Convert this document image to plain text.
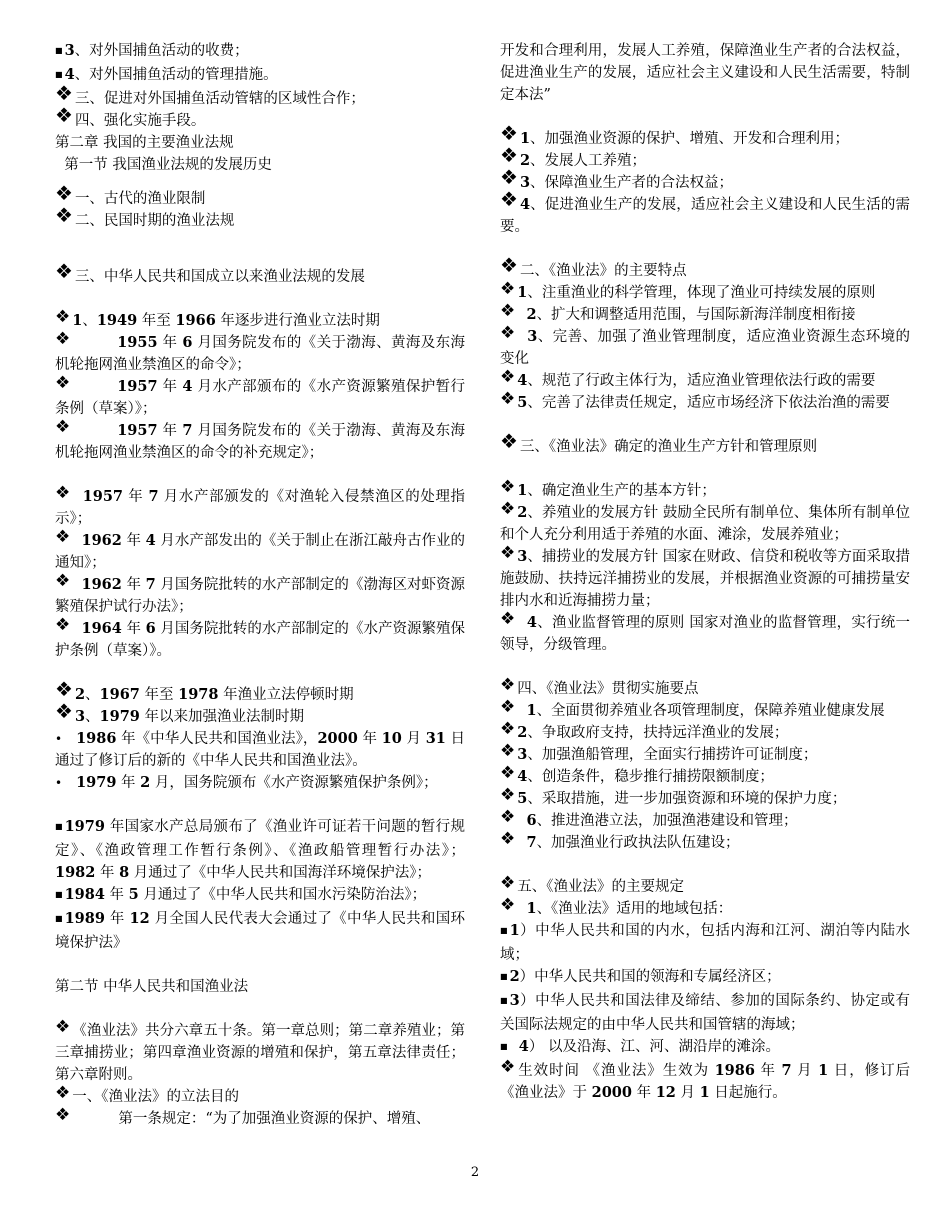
■ 3、对外国捕鱼活动的收费；

■ 4、对外国捕鱼活动的管理措施。

❖ 三、促进对外国捕鱼活动管辖的区域性合作；

❖ 四、强化实施手段。

第二章 我国的主要渔业法规

第一节 我国渔业法规的发展历史

❖ 一、古代的渔业限制

❖ 二、民国时期的渔业法规

❖ 三、中华人民共和国成立以来渔业法规的发展

❖ 1、1949 年至 1966 年逐步进行渔业立法时期

❖	1955 年 6 月国务院发布的《关于渤海、黄海及东海机轮拖网渔业禁渔区的命令》；

❖	1957 年 4 月水产部颁布的《水产资源繁殖保护暂行条例（草案）》；

❖	1957 年 7 月国务院发布的《关于渤海、黄海及东海机轮拖网渔业禁渔区的命令的补充规定》；

❖ 1957 年 7 月水产部颁发的《对渔轮入侵禁渔区的处理指示》；

❖ 1962 年 4 月水产部发出的《关于制止在浙江敲舟古作业的通知》；

❖ 1962 年 7 月国务院批转的水产部制定的《渤海区对虾资源繁殖保护试行办法》；

❖ 1964 年 6 月国务院批转的水产部制定的《水产资源繁殖保护条例（草案）》。

❖ 2、1967 年至 1978 年渔业立法停顿时期

❖ 3、1979 年以来加强渔业法制时期

• 1986 年《中华人民共和国渔业法》，2000 年 10 月 31 日通过了修订后的新的《中华人民共和国渔业法》。

• 1979 年 2 月，国务院颁布《水产资源繁殖保护条例》；

■ 1979 年国家水产总局颁布了《渔业许可证若干问题的暂行规定》、《渔政管理工作暂行条例》、《渔政船管理暂行办法》；1982 年 8 月通过了《中华人民共和国海洋环境保护法》；

■ 1984 年 5 月通过了《中华人民共和国水污染防治法》；

■ 1989 年 12 月全国人民代表大会通过了《中华人民共和国环境保护法》

第二节 中华人民共和国渔业法

❖ 《渔业法》共分六章五十条。第一章总则；第二章养殖业；第三章捕捞业；第四章渔业资源的增殖和保护，第五章法律责任；第六章附则。

❖ 一、《渔业法》的立法目的

❖          第一条规定：“为了加强渔业资源的保护、增殖、

开发和合理利用，发展人工养殖，保障渔业生产者的合法权益，促进渔业生产的发展，适应社会主义建设和人民生活需要，特制定本法”

❖ 1、加强渔业资源的保护、增殖、开发和合理利用；

❖ 2、发展人工养殖；

❖ 3、保障渔业生产者的合法权益；

❖ 4、促进渔业生产的发展，适应社会主义建设和人民生活的需要。

❖ 二、《渔业法》的主要特点

❖ 1、注重渔业的科学管理，体现了渔业可持续发展的原则

❖ 2、扩大和调整适用范围，与国际新海洋制度相衔接

❖ 3、完善、加强了渔业管理制度，适应渔业资源生态环境的变化

❖ 4、规范了行政主体行为，适应渔业管理依法行政的需要

❖ 5、完善了法律责任规定，适应市场经济下依法治渔的需要

❖ 三、《渔业法》确定的渔业生产方针和管理原则

❖ 1、确定渔业生产的基本方针；

❖ 2、养殖业的发展方针 鼓励全民所有制单位、集体所有制单位和个人充分利用适于养殖的水面、滩涂，发展养殖业；

❖ 3、捕捞业的发展方针 国家在财政、信贷和税收等方面采取措施鼓励、扶持远洋捕捞业的发展，并根据渔业资源的可捕捞量安排内水和近海捕捞力量；

❖ 4、渔业监督管理的原则 国家对渔业的监督管理，实行统一领导，分级管理。

❖ 四、《渔业法》贯彻实施要点

❖ 1、全面贯彻养殖业各项管理制度，保障养殖业健康发展

❖ 2、争取政府支持，扶持远洋渔业的发展；

❖ 3、加强渔船管理，全面实行捕捞许可证制度；

❖ 4、创造条件，稳步推行捕捞限额制度；

❖ 5、采取措施，进一步加强资源和环境的保护力度；

❖ 6、推进渔港立法，加强渔港建设和管理；

❖ 7、加强渔业行政执法队伍建设；

❖ 五、《渔业法》的主要规定

❖ 1、《渔业法》适用的地域包括：

■ 1）中华人民共和国的内水，包括内海和江河、湖泊等内陆水域；

■ 2）中华人民共和国的领海和专属经济区；

■ 3）中华人民共和国法律及缔结、参加的国际条约、协定或有关国际法规定的由中华人民共和国管辖的海域；

■ 4） 以及沿海、江、河、湖沿岸的滩涂。

❖ 生效时间 《渔业法》生效为 1986 年 7 月 1 日，修订后《渔业法》于 2000 年 12 月 1 日起施行。

2
